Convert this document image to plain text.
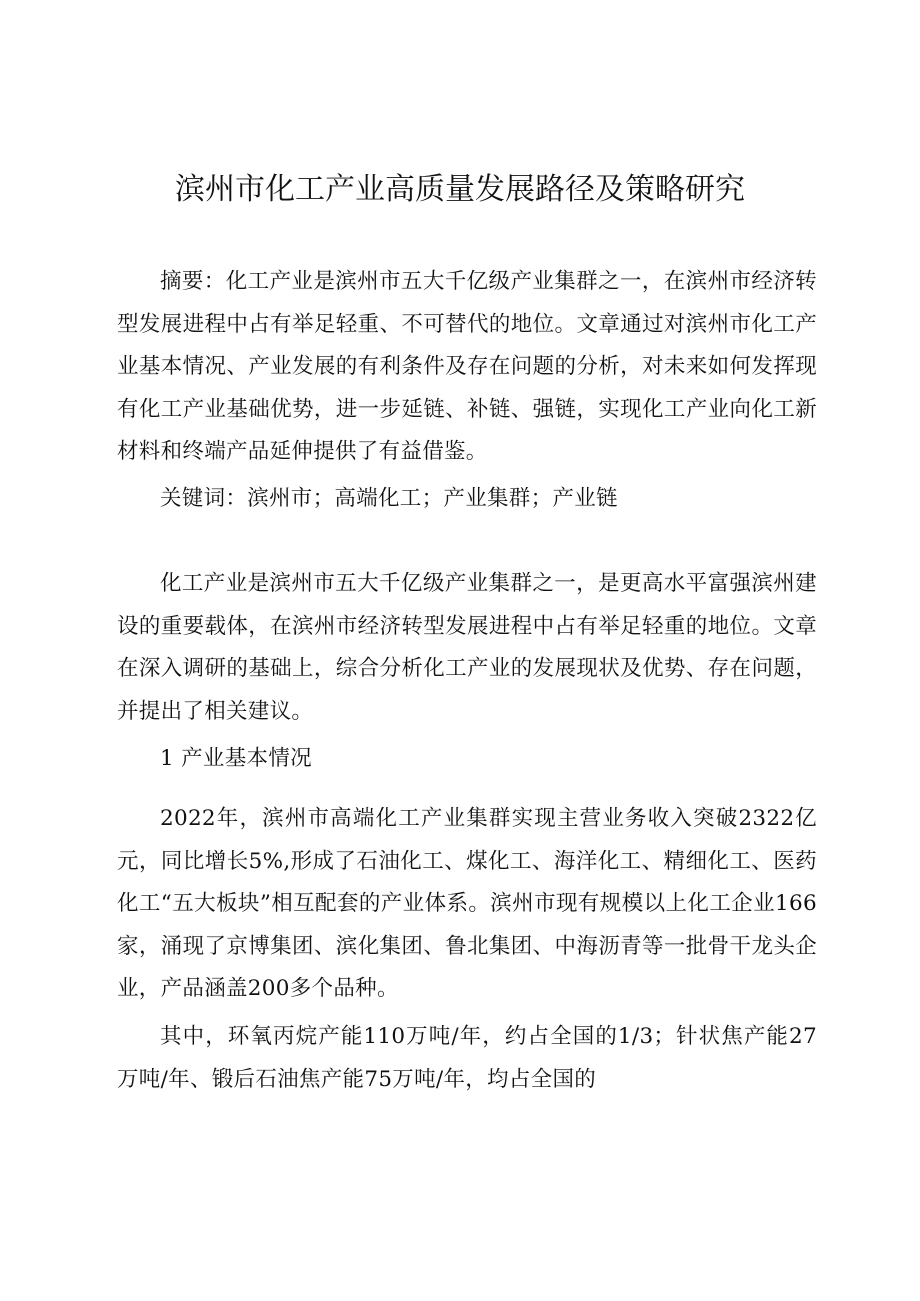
滨州市化工产业高质量发展路径及策略研究

摘要：化工产业是滨州市五大千亿级产业集群之一，在滨州市经济转型发展进程中占有举足轻重、不可替代的地位。文章通过对滨州市化工产业基本情况、产业发展的有利条件及存在问题的分析，对未来如何发挥现有化工产业基础优势，进一步延链、补链、强链，实现化工产业向化工新材料和终端产品延伸提供了有益借鉴。

关键词：滨州市；高端化工；产业集群；产业链

化工产业是滨州市五大千亿级产业集群之一，是更高水平富强滨州建设的重要载体，在滨州市经济转型发展进程中占有举足轻重的地位。文章在深入调研的基础上，综合分析化工产业的发展现状及优势、存在问题，并提出了相关建议。

1 产业基本情况

2022年，滨州市高端化工产业集群实现主营业务收入突破2322亿元，同比增长5%,形成了石油化工、煤化工、海洋化工、精细化工、医药化工“五大板块”相互配套的产业体系。滨州市现有规模以上化工企业166家，涌现了京博集团、滨化集团、鲁北集团、中海沥青等一批骨干龙头企业，产品涵盖200多个品种。

其中，环氧丙烷产能110万吨/年，约占全国的1/3；针状焦产能27万吨/年、锻后石油焦产能75万吨/年，均占全国的
